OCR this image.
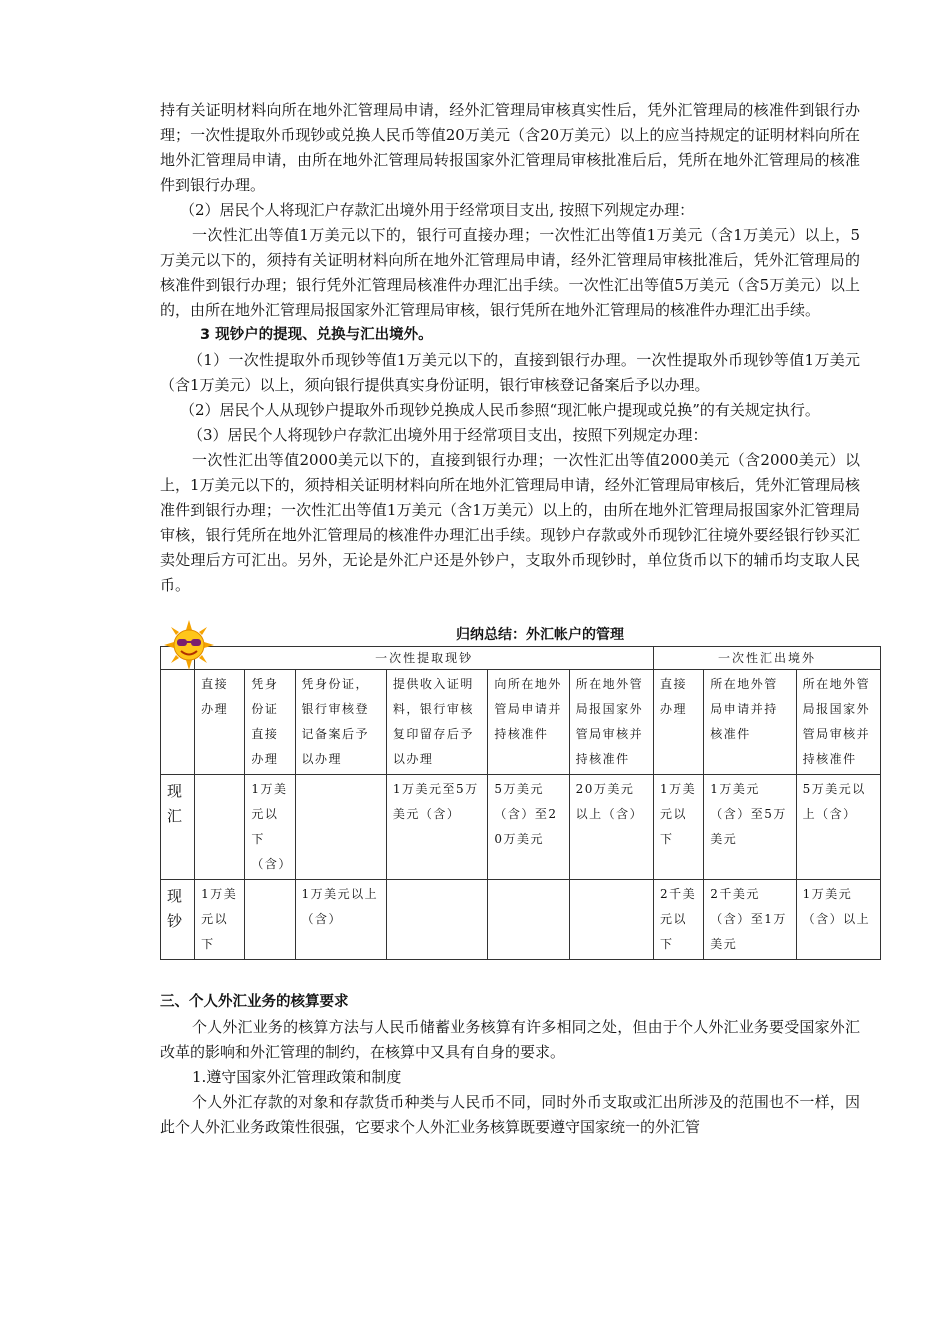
持有关证明材料向所在地外汇管理局申请，经外汇管理局审核真实性后，凭外汇管理局的核准件到银行办理；一次性提取外币现钞或兑换人民币等值20万美元（含20万美元）以上的应当持规定的证明材料向所在地外汇管理局申请，由所在地外汇管理局转报国家外汇管理局审核批准后后，凭所在地外汇管理局的核准件到银行办理。

（2）居民个人将现汇户存款汇出境外用于经常项目支出, 按照下列规定办理：

一次性汇出等值1万美元以下的，银行可直接办理；一次性汇出等值1万美元（含1万美元）以上，5万美元以下的，须持有关证明材料向所在地外汇管理局申请，经外汇管理局审核批准后，凭外汇管理局的核准件到银行办理；银行凭外汇管理局核准件办理汇出手续。一次性汇出等值5万美元（含5万美元）以上的，由所在地外汇管理局报国家外汇管理局审核，银行凭所在地外汇管理局的核准件办理汇出手续。

3 现钞户的提现、兑换与汇出境外。

（1）一次性提取外币现钞等值1万美元以下的，直接到银行办理。一次性提取外币现钞等值1万美元（含1万美元）以上，须向银行提供真实身份证明，银行审核登记备案后予以办理。

（2）居民个人从现钞户提取外币现钞兑换成人民币参照“现汇帐户提现或兑换”的有关规定执行。

（3）居民个人将现钞户存款汇出境外用于经常项目支出，按照下列规定办理：

一次性汇出等值2000美元以下的，直接到银行办理；一次性汇出等值2000美元（含2000美元）以上，1万美元以下的，须持相关证明材料向所在地外汇管理局申请，经外汇管理局审核后，凭外汇管理局核准件到银行办理；一次性汇出等值1万美元（含1万美元）以上的，由所在地外汇管理局报国家外汇管理局审核，银行凭所在地外汇管理局的核准件办理汇出手续。现钞户存款或外币现钞汇往境外要经银行钞买汇卖处理后方可汇出。另外，无论是外汇户还是外钞户，支取外币现钞时，单位货币以下的辅币均支取人民币。

归纳总结：外汇帐户的管理
	一次性提取现钞						一次性汇出境外		
	直接办理	凭身份证直接办理	凭身份证，银行审核登记备案后予以办理	提供收入证明料，银行审核复印留存后予以办理	向所在地外管局申请并持核准件	所在地外管局报国家外管局审核并持核准件	直接办理	所在地外管局申请并持核准件	所在地外管局报国家外管局审核并持核准件
现汇		1万美元以下（含）		1万美元至5万美元（含）	5万美元（含）至20万美元	20万美元以上（含）	1万美元以下	1万美元（含）至5万美元	5万美元以上（含）
现钞	1万美元以下		1万美元以上（含）				2千美元以下	2千美元（含）至1万美元	1万美元（含）以上
三、个人外汇业务的核算要求

个人外汇业务的核算方法与人民币储蓄业务核算有许多相同之处，但由于个人外汇业务要受国家外汇改革的影响和外汇管理的制约，在核算中又具有自身的要求。

1.遵守国家外汇管理政策和制度

个人外汇存款的对象和存款货币种类与人民币不同，同时外币支取或汇出所涉及的范围也不一样，因此个人外汇业务政策性很强，它要求个人外汇业务核算既要遵守国家统一的外汇管
